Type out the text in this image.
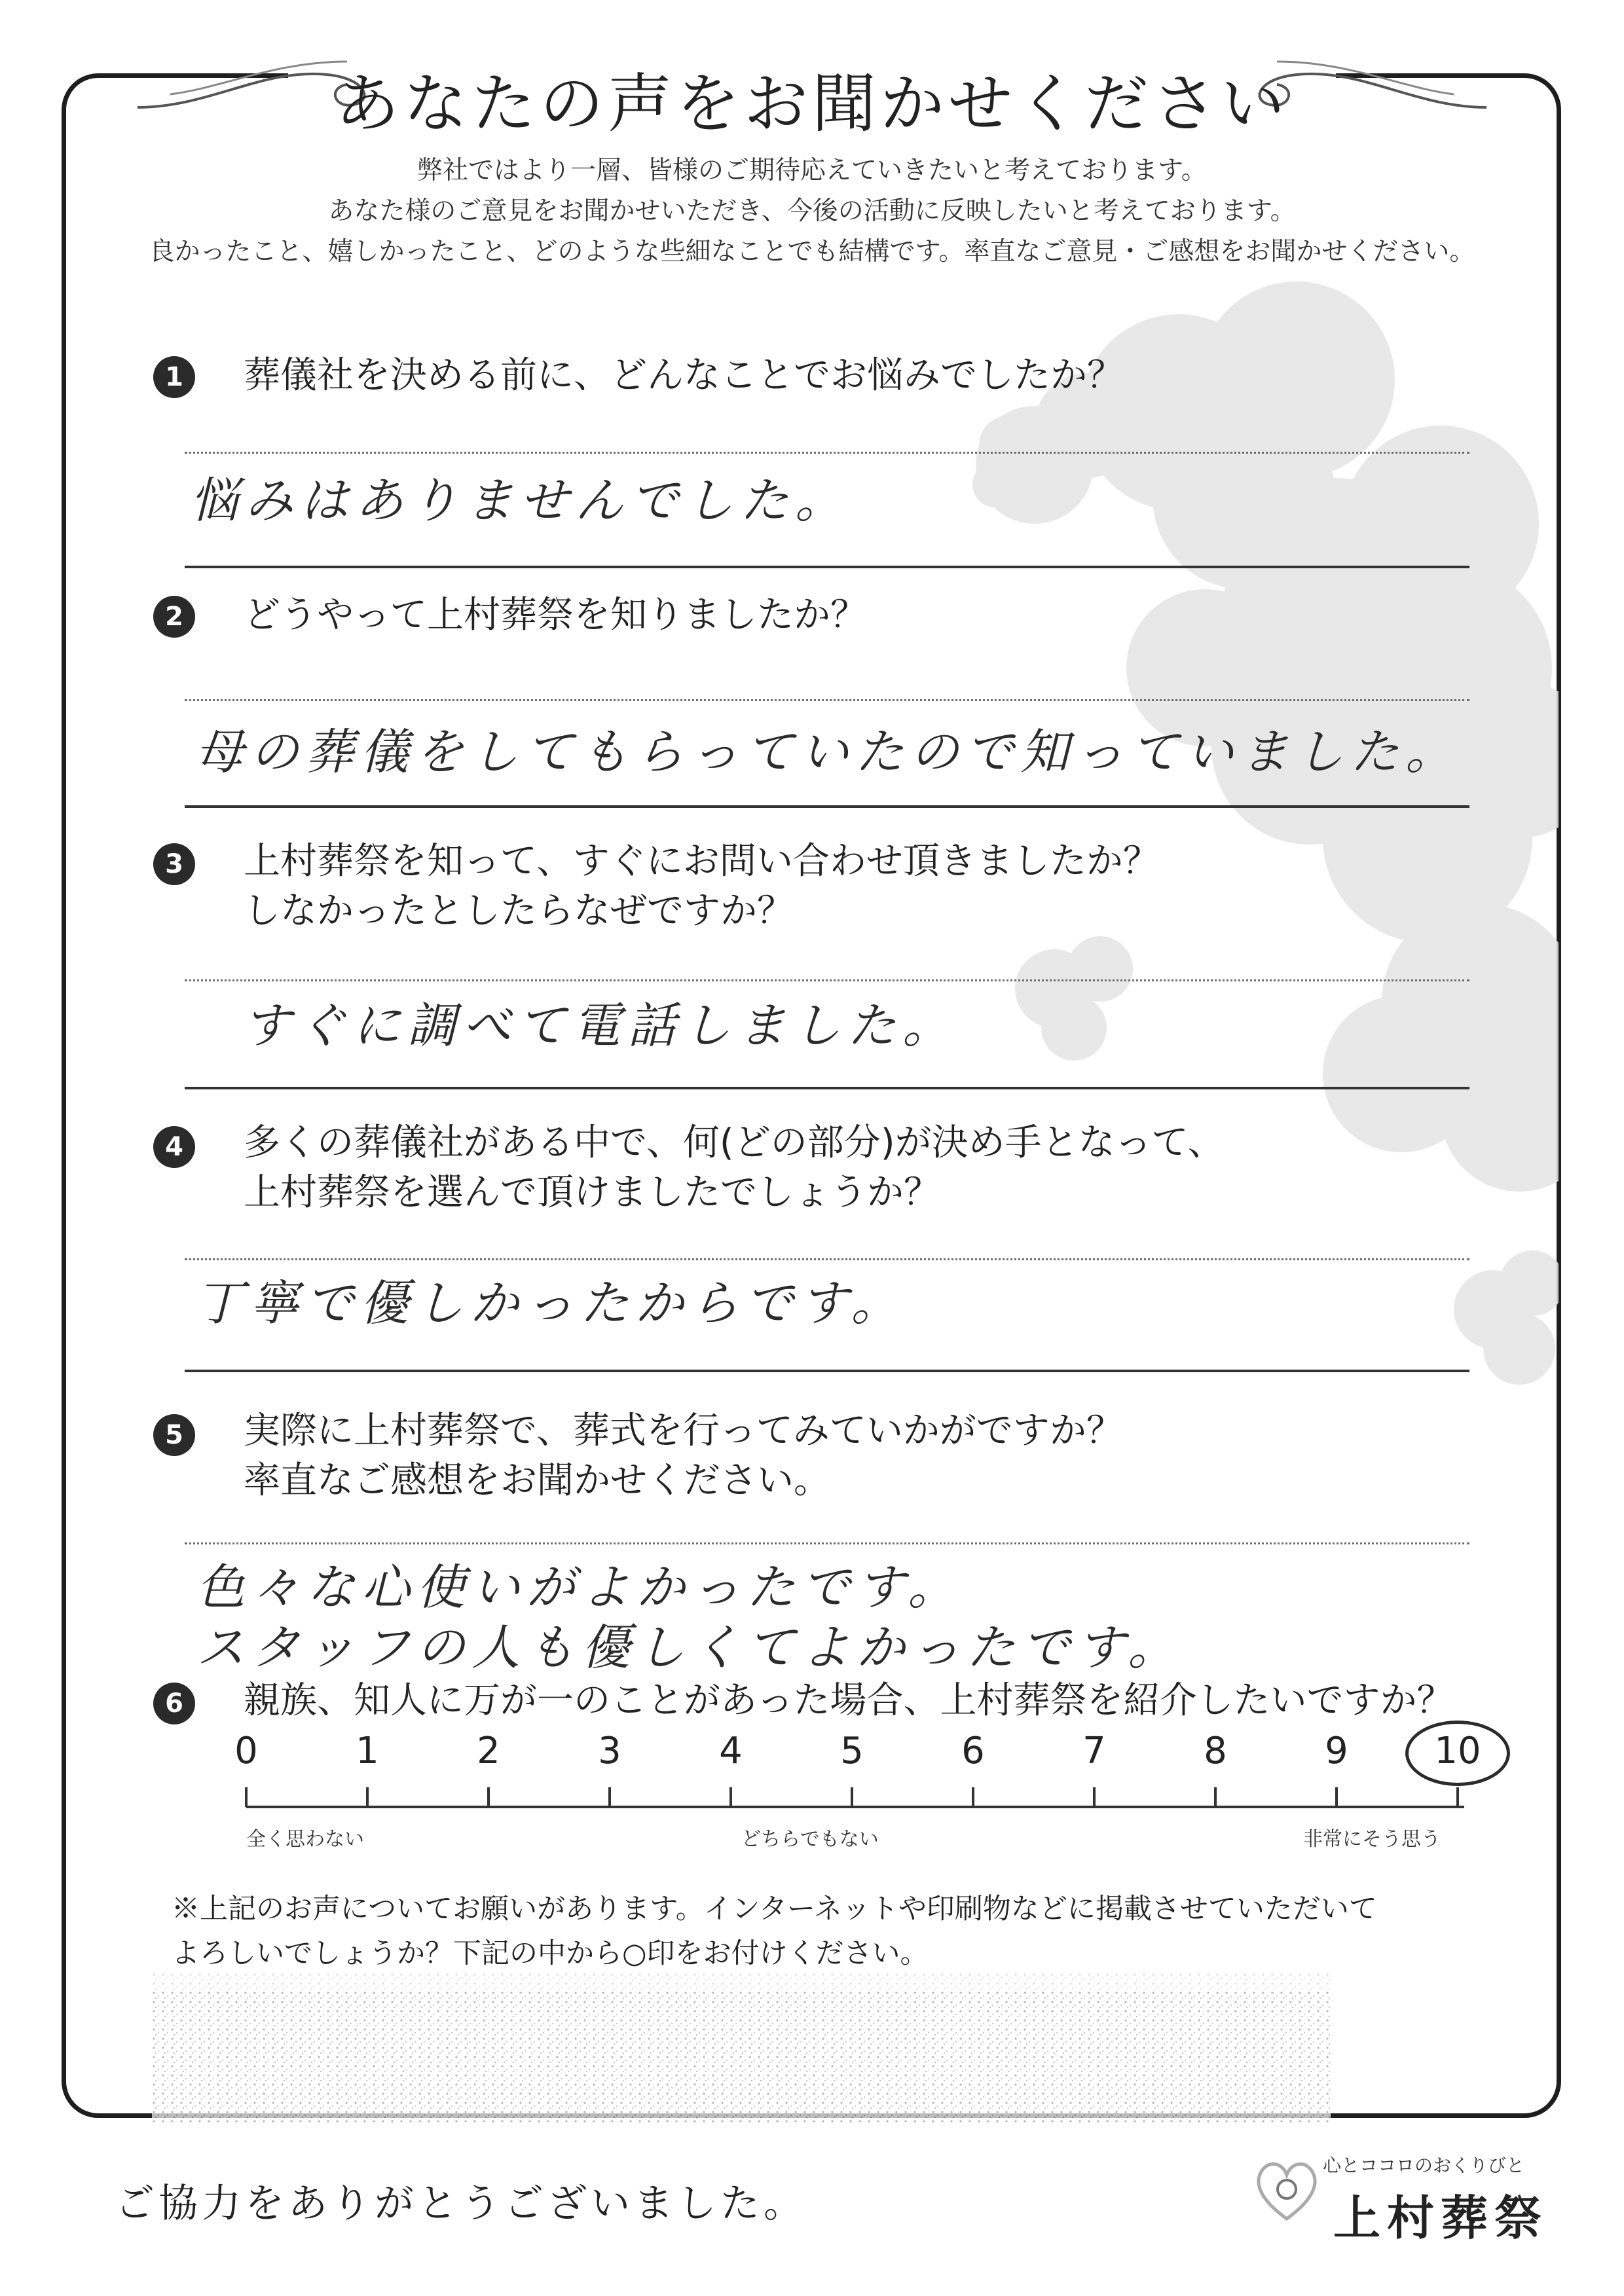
あなたの声をお聞かせください
弊社ではより一層、皆様のご期待応えていきたいと考えております。
あなた様のご意見をお聞かせいただき、今後の活動に反映したいと考えております。
良かったこと、嬉しかったこと、どのような些細なことでも結構です。率直なご意見・ご感想をお聞かせください。
1	葬儀社を決める前に、どんなことでお悩みでしたか？
悩みはありませんでした。
2	どうやって上村葬祭を知りましたか？
母の葬儀をしてもらっていたので知っていました。
3	上村葬祭を知って、すぐにお問い合わせ頂きましたか？
しなかったとしたらなぜですか？
すぐに調べて電話しました。
4	多くの葬儀社がある中で、何(どの部分)が決め手となって、
上村葬祭を選んで頂けましたでしょうか？
丁寧で優しかったからです。
5	実際に上村葬祭で、葬式を行ってみていかがですか？
率直なご感想をお聞かせください。
色々な心使いがよかったです。
スタッフの人も優しくてよかったです。
6	親族、知人に万が一のことがあった場合、上村葬祭を紹介したいですか？
0	1	2	3	4	5	6	7	8	9	10
全く思わない	どちらでもない	非常にそう思う
※上記のお声についてお願いがあります。インターネットや印刷物などに掲載させていただいて
よろしいでしょうか？下記の中から○印をお付けください。
ご協力をありがとうございました。
心とココロのおくりびと
上村葬祭
